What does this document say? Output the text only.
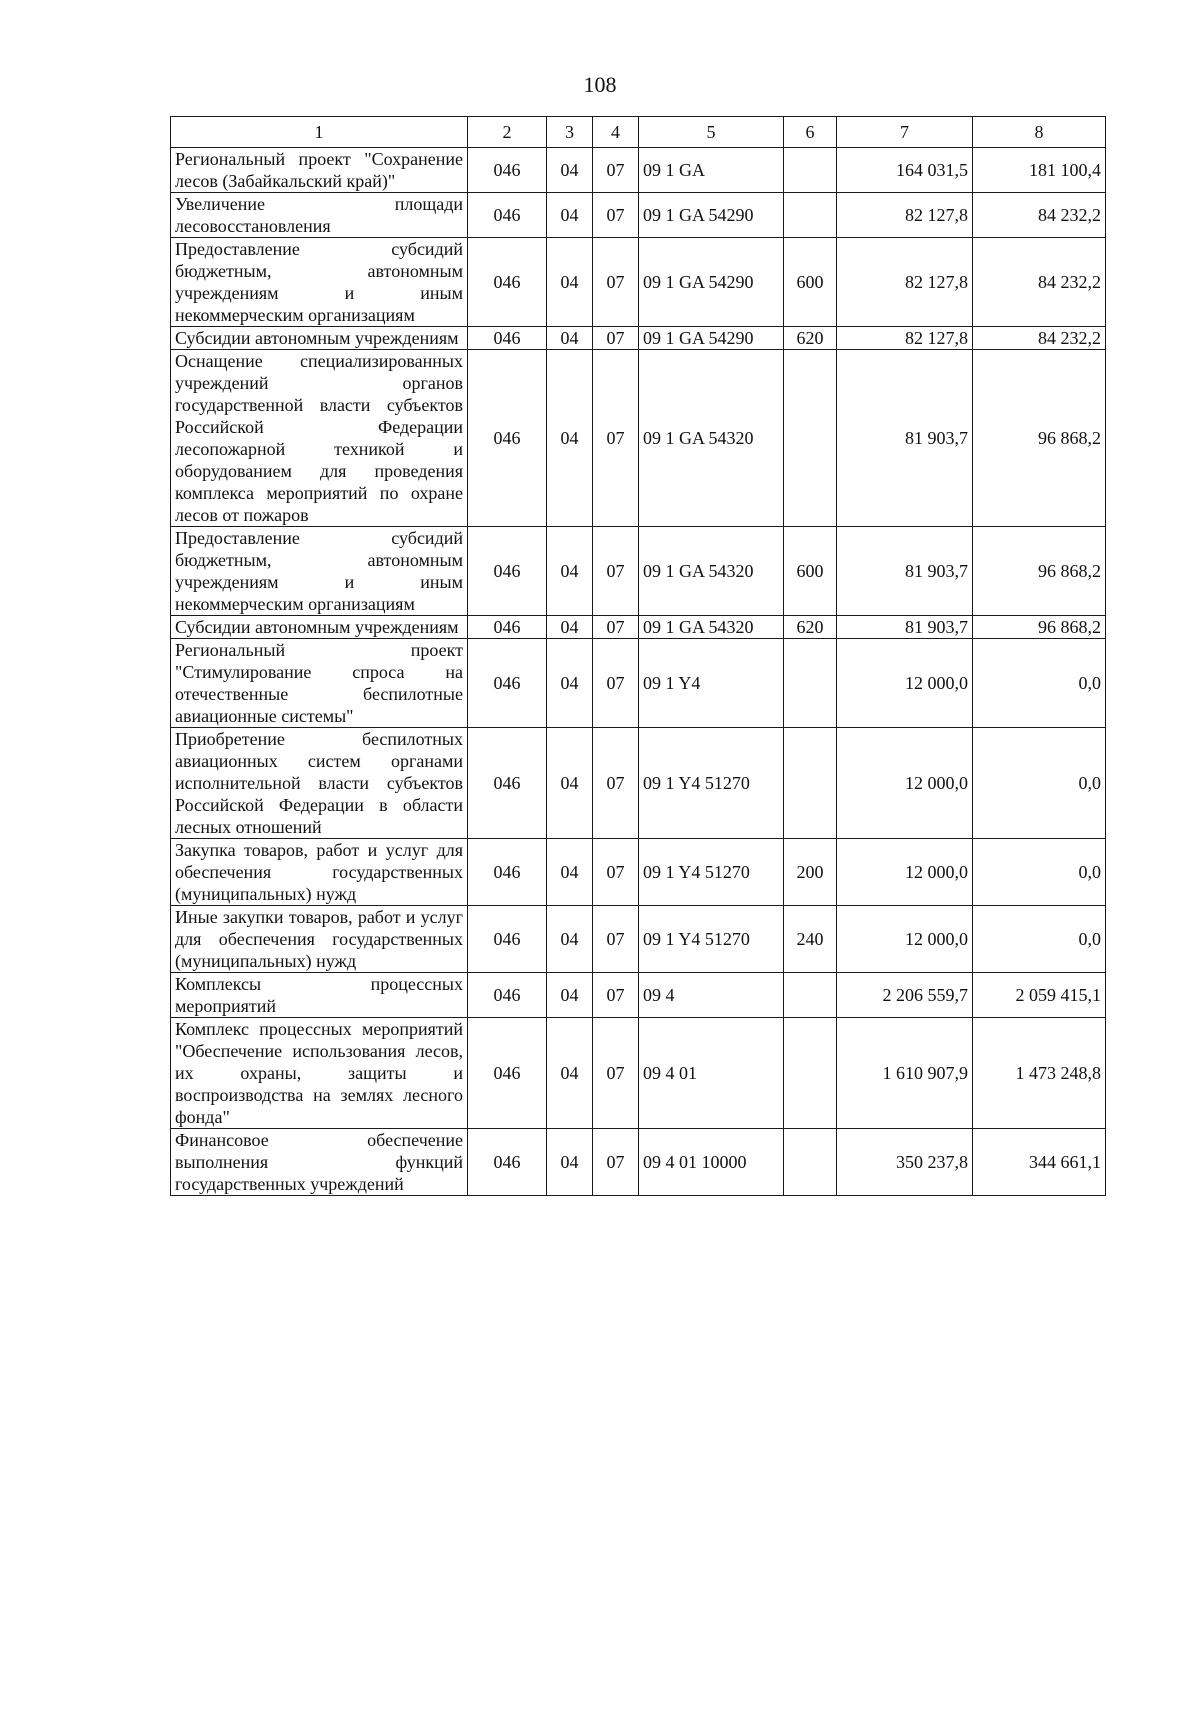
108
1	2	3	4	5	6	7	8
Региональный проект "Сохранение лесов (Забайкальский край)"	046	04	07	09 1 GA		164 031,5	181 100,4
Увеличение площади лесовосстановления	046	04	07	09 1 GA 54290		82 127,8	84 232,2
Предоставление субсидий бюджетным, автономным учреждениям и иным некоммерческим организациям	046	04	07	09 1 GA 54290	600	82 127,8	84 232,2
Субсидии автономным учреждениям	046	04	07	09 1 GA 54290	620	82 127,8	84 232,2
Оснащение специализированных учреждений органов государственной власти субъектов Российской Федерации лесопожарной техникой и оборудованием для проведения комплекса мероприятий по охране лесов от пожаров	046	04	07	09 1 GA 54320		81 903,7	96 868,2
Предоставление субсидий бюджетным, автономным учреждениям и иным некоммерческим организациям	046	04	07	09 1 GA 54320	600	81 903,7	96 868,2
Субсидии автономным учреждениям	046	04	07	09 1 GA 54320	620	81 903,7	96 868,2
Региональный проект "Стимулирование спроса на отечественные беспилотные авиационные системы"	046	04	07	09 1 Y4		12 000,0	0,0
Приобретение беспилотных авиационных систем органами исполнительной власти субъектов Российской Федерации в области лесных отношений	046	04	07	09 1 Y4 51270		12 000,0	0,0
Закупка товаров, работ и услуг для обеспечения государственных (муниципальных) нужд	046	04	07	09 1 Y4 51270	200	12 000,0	0,0
Иные закупки товаров, работ и услуг для обеспечения государственных (муниципальных) нужд	046	04	07	09 1 Y4 51270	240	12 000,0	0,0
Комплексы процессных мероприятий	046	04	07	09 4		2 206 559,7	2 059 415,1
Комплекс процессных мероприятий "Обеспечение использования лесов, их охраны, защиты и воспроизводства на землях лесного фонда"	046	04	07	09 4 01		1 610 907,9	1 473 248,8
Финансовое обеспечение выполнения функций государственных учреждений	046	04	07	09 4 01 10000		350 237,8	344 661,1
